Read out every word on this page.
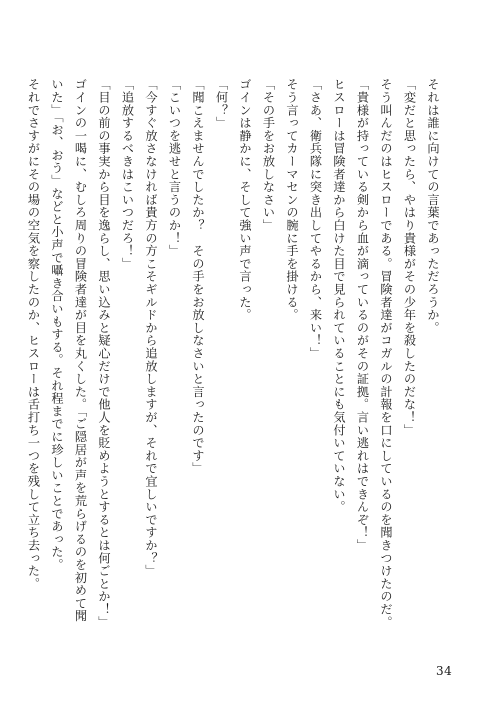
それは誰に向けての言葉であっただろうか。
「変だと思ったら、やはり貴様がその少年を殺したのだな！」
そう叫んだのはヒスローである。冒険者達がコガルの計報を口にしているのを聞きつけたのだ。
「貴様が持っている剣から血が滴っているのがその証拠。言い逃れはできんぞ！」
ヒスローは冒険者達から白けた目で見られていることにも気付いていない。
「さあ、衛兵隊に突き出してやるから、来い！」
そう言ってカーマセンの腕に手を掛ける。
「その手をお放しなさい」
ゴインは静かに、そして強い声で言った。
「何？」
「聞こえませんでしたか？　その手をお放しなさいと言ったのです」
「こいつを逃せと言うのか！」
「今すぐ放さなければ貴方の方こそギルドから追放しますが、それで宜しいですか？」
「追放するべきはこいつだろ！」
「目の前の事実から目を逸らし、思い込みと疑心だけで他人を貶めようとするとは何ごとか！」
ゴインの一喝に、むしろ周りの冒険者達が目を丸くした。「ご隠居が声を荒らげるのを初めて聞
いた」「お、おう」などと小声で囁き合いもする。それ程までに珍しいことであった。
それでさすがにその場の空気を察したのか、ヒスローは舌打ち一つを残して立ち去った。
34
